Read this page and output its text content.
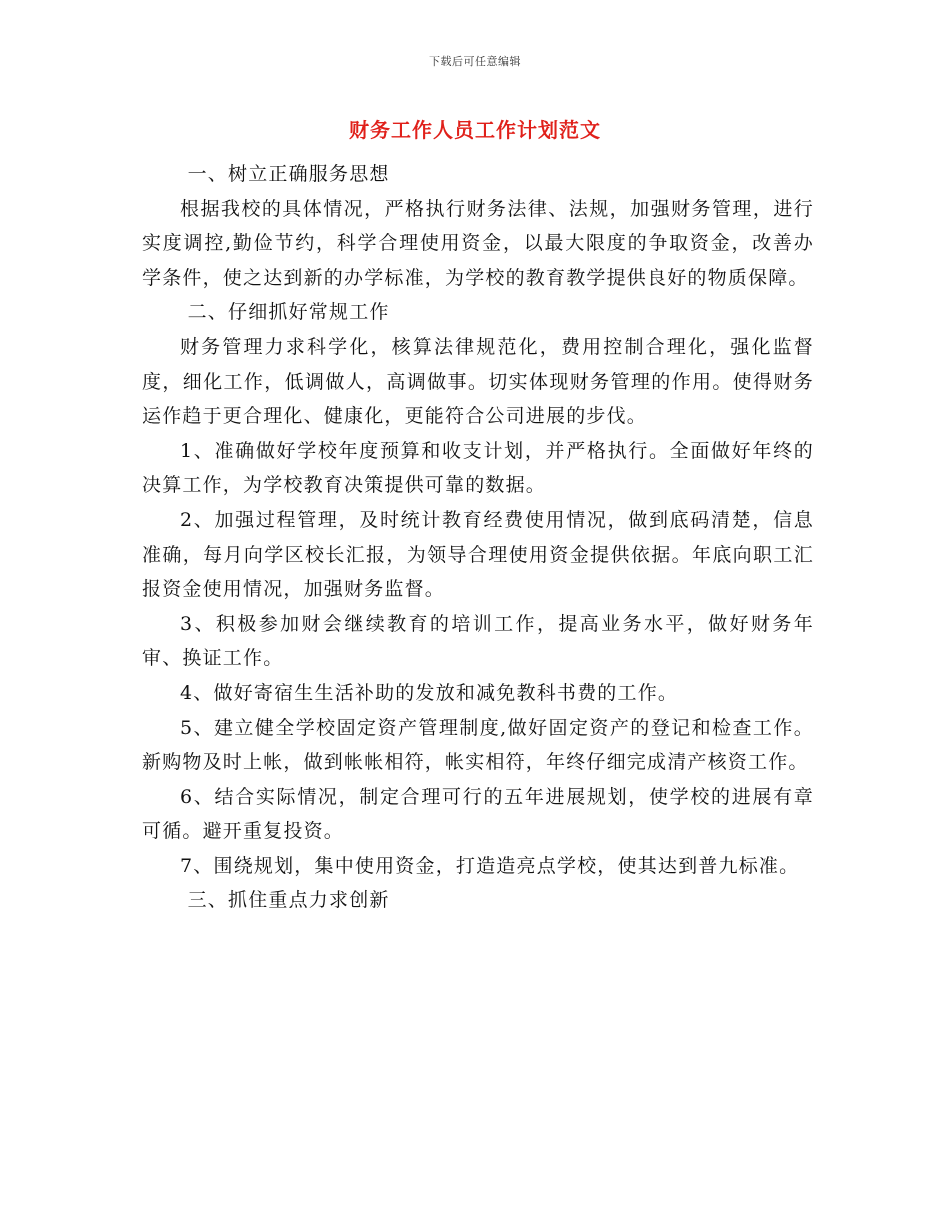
下载后可任意编辑
财务工作人员工作计划范文

一、树立正确服务思想

根据我校的具体情况，严格执行财务法律、法规，加强财务管理，进行实度调控,勤俭节约，科学合理使用资金，以最大限度的争取资金，改善办学条件，使之达到新的办学标准，为学校的教育教学提供良好的物质保障。

二、仔细抓好常规工作

财务管理力求科学化，核算法律规范化，费用控制合理化，强化监督度，细化工作，低调做人，高调做事。切实体现财务管理的作用。使得财务运作趋于更合理化、健康化，更能符合公司进展的步伐。

1、准确做好学校年度预算和收支计划，并严格执行。全面做好年终的决算工作，为学校教育决策提供可靠的数据。

2、加强过程管理，及时统计教育经费使用情况，做到底码清楚，信息准确，每月向学区校长汇报，为领导合理使用资金提供依据。年底向职工汇报资金使用情况，加强财务监督。

3、积极参加财会继续教育的培训工作，提高业务水平，做好财务年审、换证工作。

4、做好寄宿生生活补助的发放和减免教科书费的工作。

5、建立健全学校固定资产管理制度,做好固定资产的登记和检查工作。新购物及时上帐，做到帐帐相符，帐实相符，年终仔细完成清产核资工作。

6、结合实际情况，制定合理可行的五年进展规划，使学校的进展有章可循。避开重复投资。

7、围绕规划，集中使用资金，打造造亮点学校，使其达到普九标准。

三、抓住重点力求创新
